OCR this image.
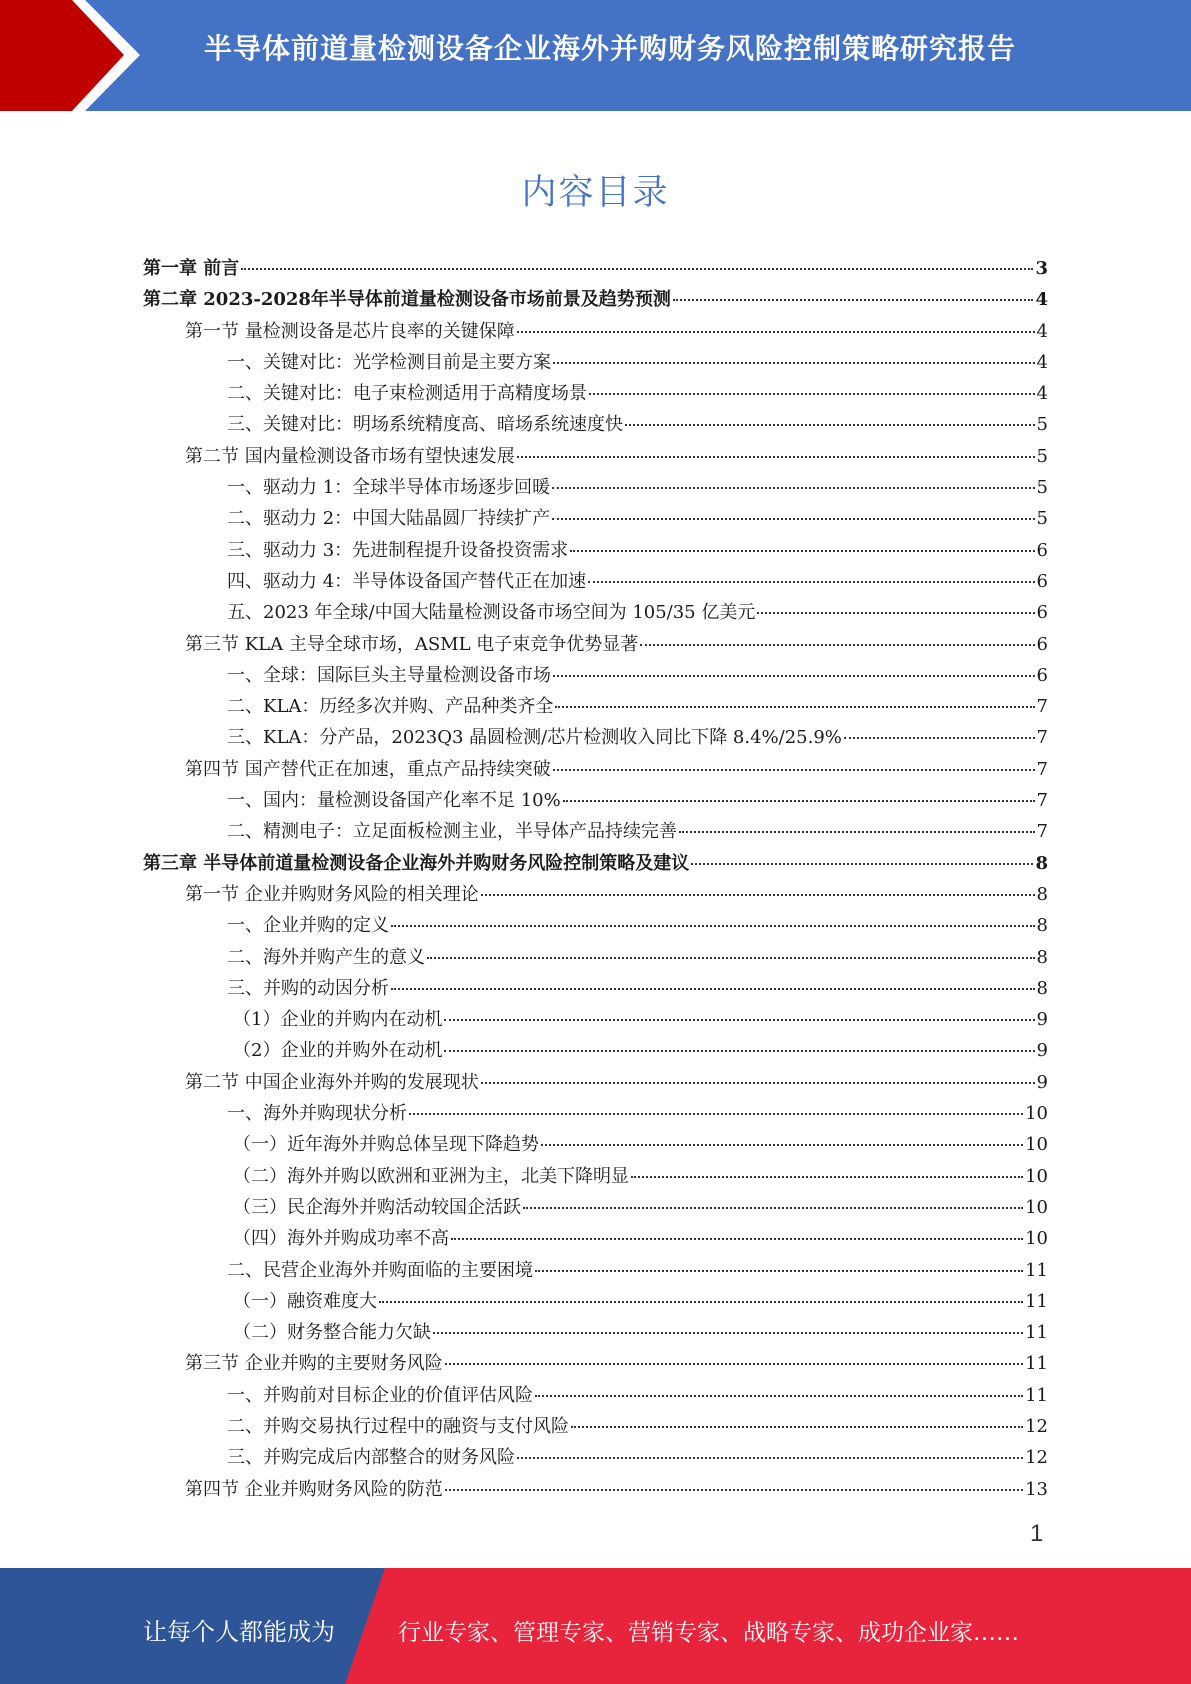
半导体前道量检测设备企业海外并购财务风险控制策略研究报告
内容目录
第一章 前言	3
第二章 2023-2028年半导体前道量检测设备市场前景及趋势预测	4
第一节 量检测设备是芯片良率的关键保障	4
一、关键对比：光学检测目前是主要方案	4
二、关键对比：电子束检测适用于高精度场景	4
三、关键对比：明场系统精度高、暗场系统速度快	5
第二节 国内量检测设备市场有望快速发展	5
一、驱动力 1：全球半导体市场逐步回暖	5
二、驱动力 2：中国大陆晶圆厂持续扩产	5
三、驱动力 3：先进制程提升设备投资需求	6
四、驱动力 4：半导体设备国产替代正在加速	6
五、2023 年全球/中国大陆量检测设备市场空间为 105/35 亿美元	6
第三节 KLA 主导全球市场，ASML 电子束竞争优势显著	6
一、全球：国际巨头主导量检测设备市场	6
二、KLA：历经多次并购、产品种类齐全	7
三、KLA：分产品，2023Q3 晶圆检测/芯片检测收入同比下降 8.4%/25.9%	7
第四节 国产替代正在加速，重点产品持续突破	7
一、国内：量检测设备国产化率不足 10%	7
二、精测电子：立足面板检测主业，半导体产品持续完善	7
第三章 半导体前道量检测设备企业海外并购财务风险控制策略及建议	8
第一节 企业并购财务风险的相关理论	8
一、企业并购的定义	8
二、海外并购产生的意义	8
三、并购的动因分析	8
（1）企业的并购内在动机	9
（2）企业的并购外在动机	9
第二节 中国企业海外并购的发展现状	9
一、海外并购现状分析	10
（一）近年海外并购总体呈现下降趋势	10
（二）海外并购以欧洲和亚洲为主，北美下降明显	10
（三）民企海外并购活动较国企活跃	10
（四）海外并购成功率不高	10
二、民营企业海外并购面临的主要困境	11
（一）融资难度大	11
（二）财务整合能力欠缺	11
第三节 企业并购的主要财务风险	11
一、并购前对目标企业的价值评估风险	11
二、并购交易执行过程中的融资与支付风险	12
三、并购完成后内部整合的财务风险	12
第四节 企业并购财务风险的防范	13
1
让每个人都能成为	行业专家、管理专家、营销专家、战略专家、成功企业家……
